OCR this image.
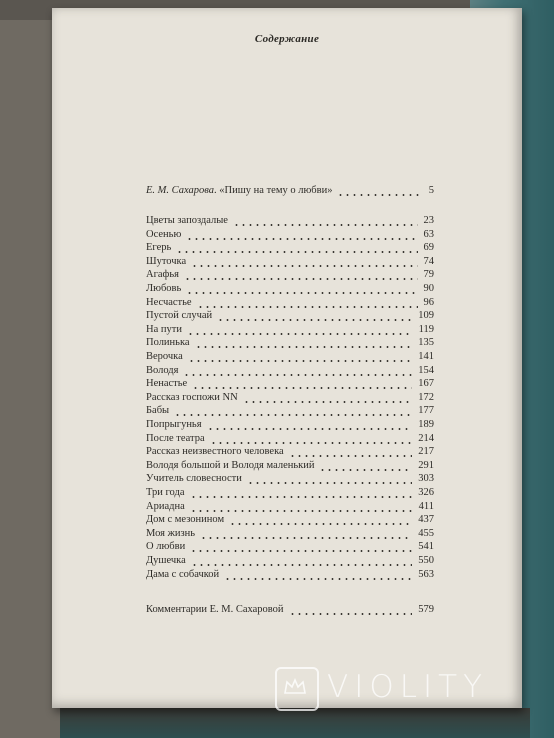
Содержание
Е. М. Сахарова. «Пишу на тему о любви»	5
Цветы запоздалые	23
Осенью	63
Егерь	69
Шуточка	74
Агафья	79
Любовь	90
Несчастье	96
Пустой случай	109
На пути	119
Полинька	135
Верочка	141
Володя	154
Ненастье	167
Рассказ госпожи NN	172
Бабы	177
Попрыгунья	189
После театра	214
Рассказ неизвестного человека	217
Володя большой и Володя маленький	291
Учитель словесности	303
Три года	326
Ариадна	411
Дом с мезонином	437
Моя жизнь	455
О любви	541
Душечка	550
Дама с собачкой	563
Комментарии Е. М. Сахаровой	579
VIOLITY
